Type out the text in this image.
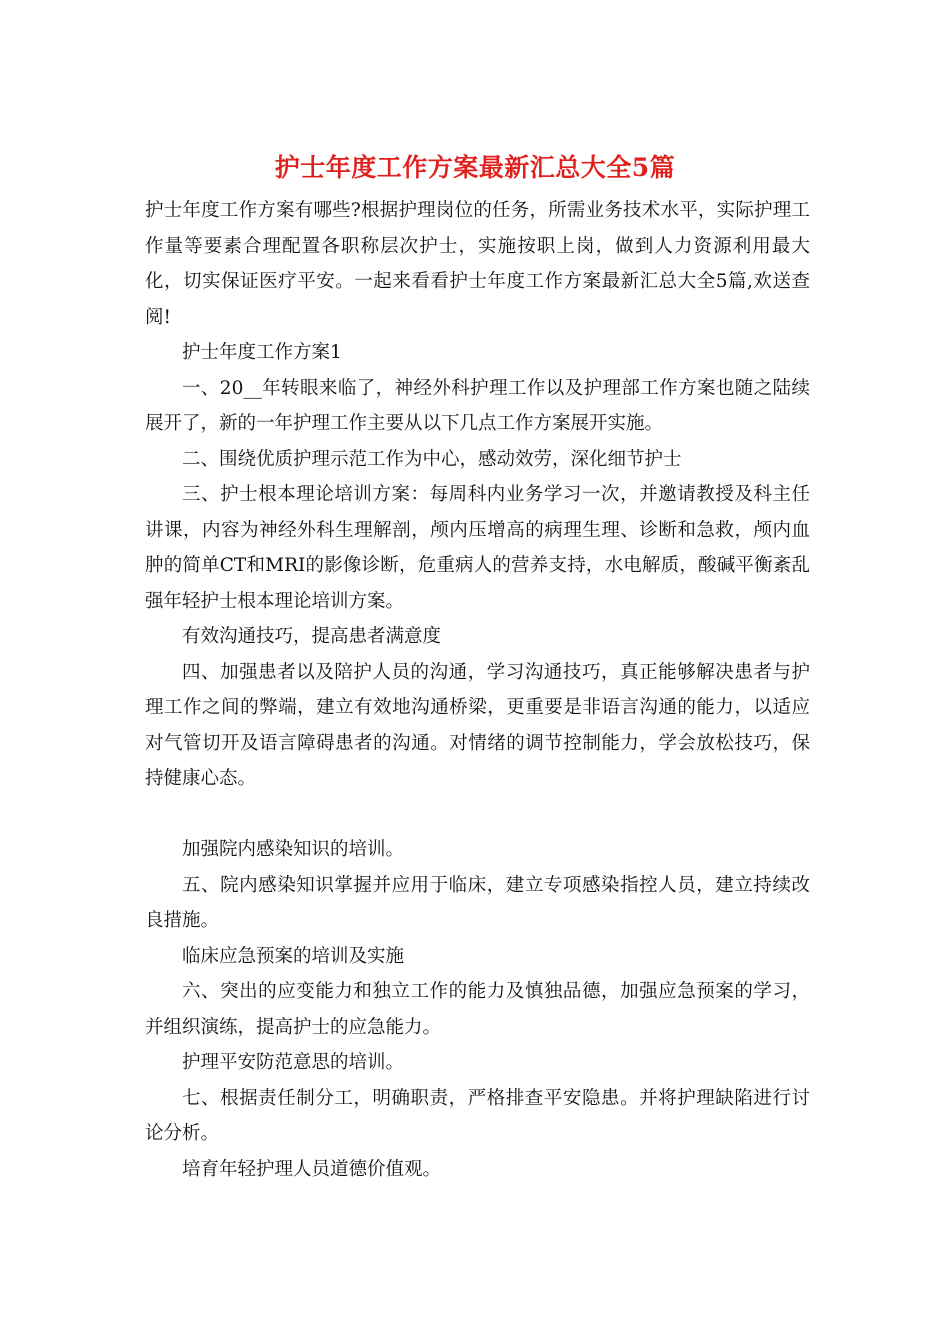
护士年度工作方案最新汇总大全5篇

护士年度工作方案有哪些?根据护理岗位的任务，所需业务技术水平，实际护理工作量等要素合理配置各职称层次护士，实施按职上岗，做到人力资源利用最大化，切实保证医疗平安。一起来看看护士年度工作方案最新汇总大全5篇,欢送查阅!

护士年度工作方案1

一、20__年转眼来临了，神经外科护理工作以及护理部工作方案也随之陆续展开了，新的一年护理工作主要从以下几点工作方案展开实施。

二、围绕优质护理示范工作为中心，感动效劳，深化细节护士

三、护士根本理论培训方案：每周科内业务学习一次，并邀请教授及科主任讲课，内容为神经外科生理解剖，颅内压增高的病理生理、诊断和急救，颅内血肿的简单CT和MRI的影像诊断，危重病人的营养支持，水电解质，酸碱平衡紊乱强年轻护士根本理论培训方案。

有效沟通技巧，提高患者满意度

四、加强患者以及陪护人员的沟通，学习沟通技巧，真正能够解决患者与护理工作之间的弊端，建立有效地沟通桥梁，更重要是非语言沟通的能力，以适应对气管切开及语言障碍患者的沟通。对情绪的调节控制能力，学会放松技巧，保持健康心态。

加强院内感染知识的培训。

五、院内感染知识掌握并应用于临床，建立专项感染指控人员，建立持续改良措施。

临床应急预案的培训及实施

六、突出的应变能力和独立工作的能力及慎独品德，加强应急预案的学习，并组织演练，提高护士的应急能力。

护理平安防范意思的培训。

七、根据责任制分工，明确职责，严格排查平安隐患。并将护理缺陷进行讨论分析。

培育年轻护理人员道德价值观。
